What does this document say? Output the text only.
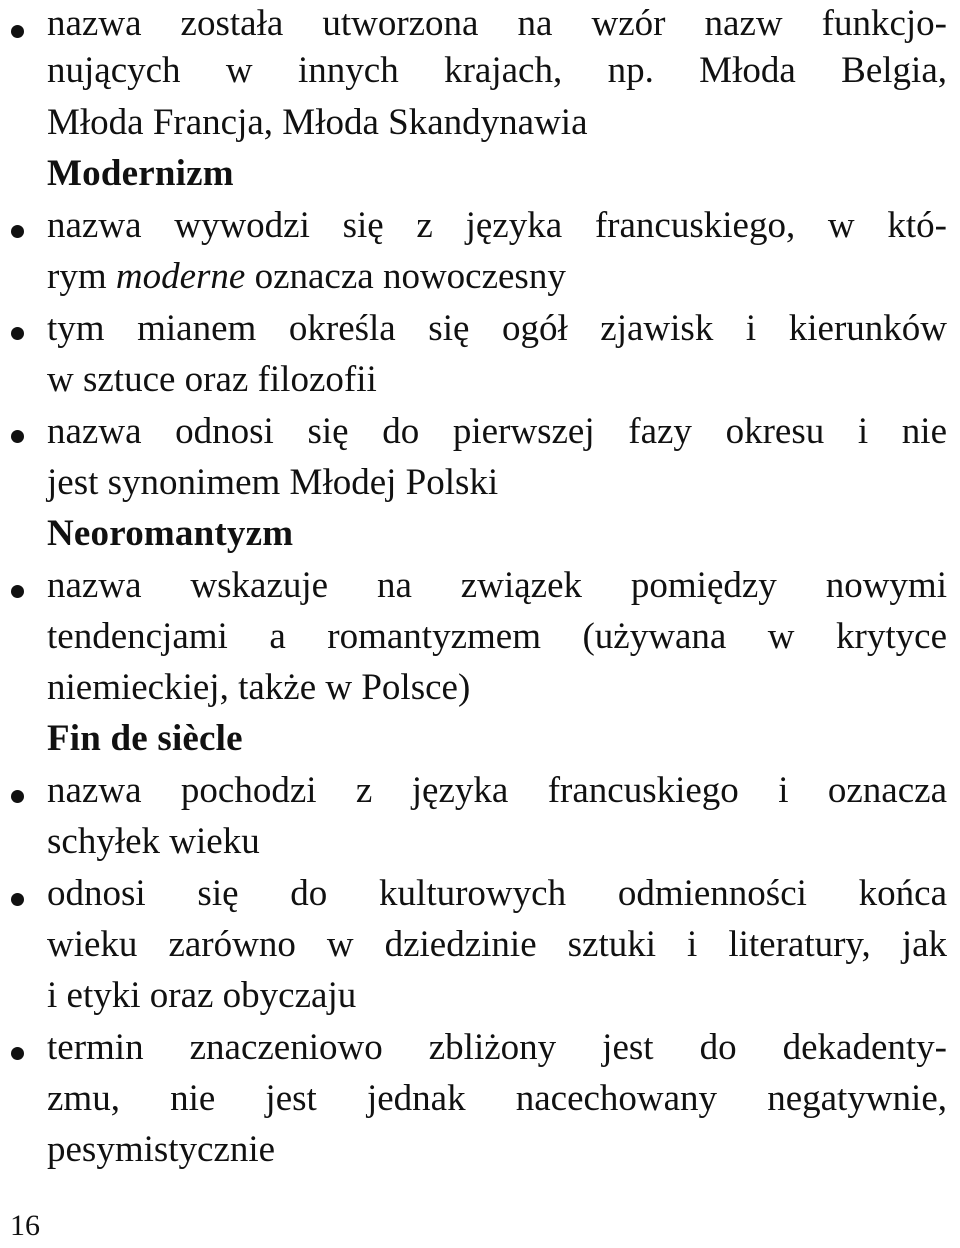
nazwa została utworzona na wzór nazw funkcjo-
nujących w innych krajach, np. Młoda Belgia,
Młoda Francja, Młoda Skandynawia
Modernizm
nazwa wywodzi się z języka francuskiego, w któ-
rym moderne oznacza nowoczesny
tym mianem określa się ogół zjawisk i kierunków
w sztuce oraz filozofii
nazwa odnosi się do pierwszej fazy okresu i nie
jest synonimem Młodej Polski
Neoromantyzm
nazwa wskazuje na związek pomiędzy nowymi
tendencjami a romantyzmem (używana w krytyce
niemieckiej, także w Polsce)
Fin de siècle
nazwa pochodzi z języka francuskiego i oznacza
schyłek wieku
odnosi się do kulturowych odmienności końca
wieku zarówno w dziedzinie sztuki i literatury, jak
i etyki oraz obyczaju
termin znaczeniowo zbliżony jest do dekadenty-
zmu, nie jest jednak nacechowany negatywnie,
pesymistycznie
16
